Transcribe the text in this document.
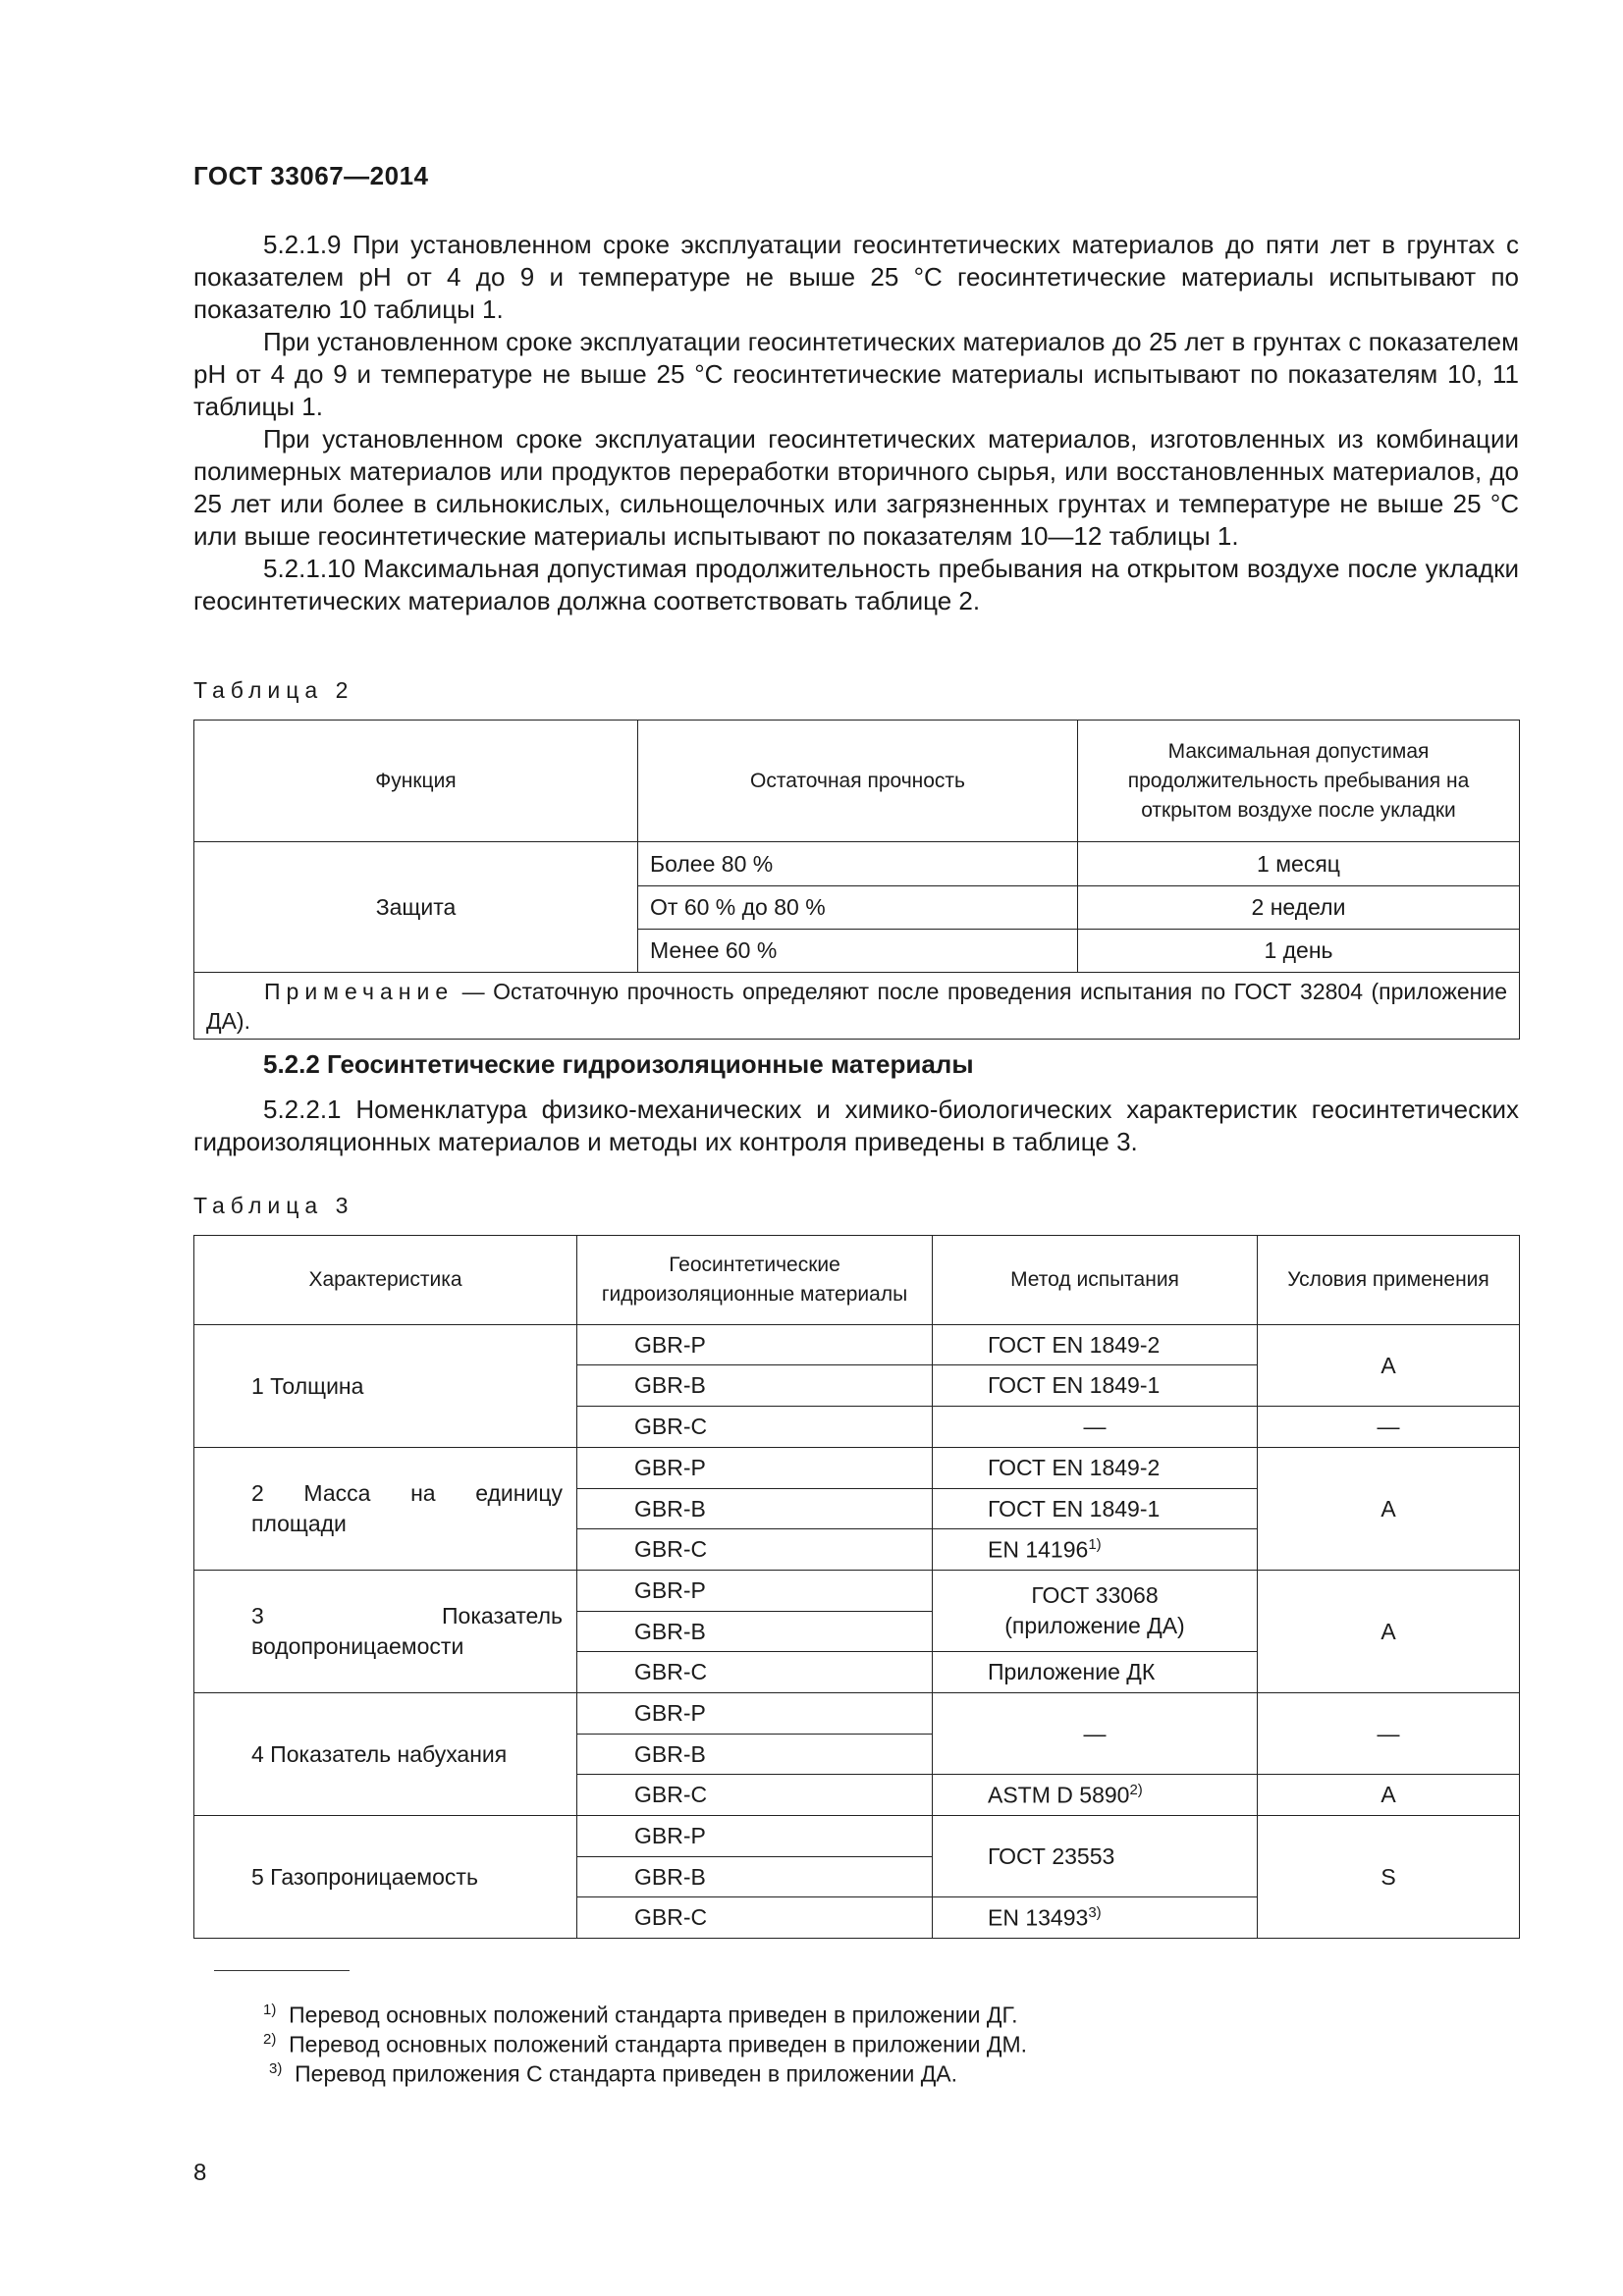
ГОСТ 33067—2014

5.2.1.9 При установленном сроке эксплуатации геосинтетических материалов до пяти лет в грунтах с показателем pH от 4 до 9 и температуре не выше 25 °С геосинтетические материалы испытывают по показателю 10 таблицы 1.

При установленном сроке эксплуатации геосинтетических материалов до 25 лет в грунтах с показателем pH от 4 до 9 и температуре не выше 25 °С геосинтетические материалы испытывают по показателям 10, 11 таблицы 1.

При установленном сроке эксплуатации геосинтетических материалов, изготовленных из комбинации полимерных материалов или продуктов переработки вторичного сырья, или восстановленных материалов, до 25 лет или более в сильнокислых, сильнощелочных или загрязненных грунтах и температуре не выше 25 °С или выше геосинтетические материалы испытывают по показателям 10—12 таблицы 1.

5.2.1.10 Максимальная допустимая продолжительность пребывания на открытом воздухе после укладки геосинтетических материалов должна соответствовать таблице 2.

Таблица 2
Функция	Остаточная прочность	Максимальная допустимая продолжительность пребывания на открытом воздухе после укладки
Защита	Более 80 %	1 месяц
	От 60 % до 80 %	2 недели
	Менее 60 %	1 день
Примечание — Остаточную прочность определяют после проведения испытания по ГОСТ 32804 (приложение ДА).		
5.2.2 Геосинтетические гидроизоляционные материалы

5.2.2.1 Номенклатура физико-механических и химико-биологических характеристик геосинтетических гидроизоляционных материалов и методы их контроля приведены в таблице 3.

Таблица 3
Характеристика	Геосинтетические гидроизоляционные материалы	Метод испытания	Условия применения
1 Толщина	GBR-P	ГОСТ EN 1849-2	A
	GBR-B	ГОСТ EN 1849-1	
	GBR-C	—	—
2 Масса на единицу площади	GBR-P	ГОСТ EN 1849-2	A
	GBR-B	ГОСТ EN 1849-1	
	GBR-C	EN 14196$^{1)}$
3 Показатель водопроницаемости	GBR-P	ГОСТ 33068 (приложение ДА)	A
	GBR-B		
	GBR-C	Приложение ДК	
4 Показатель набухания	GBR-P	—	—
	GBR-B		
	GBR-C	ASTM D 5890$^{2)}$	A
5 Газопроницаемость	GBR-P	ГОСТ 23553	S
	GBR-B		
	GBR-C	EN 13493$^{3)}$
$^{1)}$ Перевод основных положений стандарта приведен в приложении ДГ.
$^{2)}$ Перевод основных положений стандарта приведен в приложении ДМ.
$^{3)}$ Перевод приложения С стандарта приведен в приложении ДА.
8
